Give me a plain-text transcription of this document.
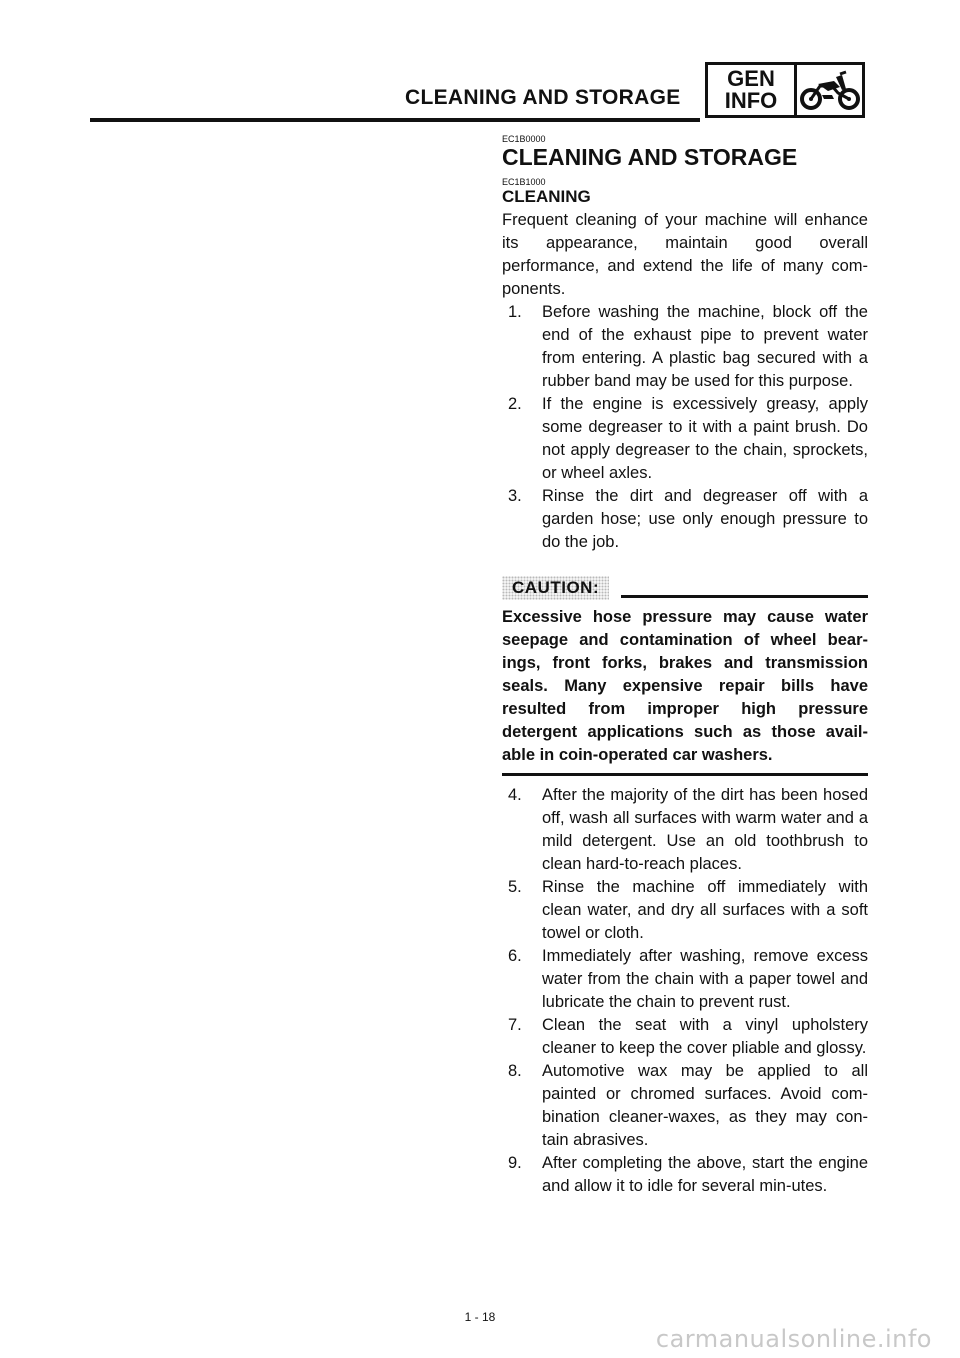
CLEANING AND STORAGE
GEN
INFO
EC1B0000
CLEANING AND STORAGE
EC1B1000
CLEANING

Frequent cleaning of your machine will enhance its appearance, maintain good overall performance, and extend the life of many com-ponents.

1. Before washing the machine, block off the end of the exhaust pipe to prevent water from entering. A plastic bag secured with a rubber band may be used for this purpose.
2. If the engine is excessively greasy, apply some degreaser to it with a paint brush. Do not apply degreaser to the chain, sprockets, or wheel axles.
3. Rinse the dirt and degreaser off with a garden hose; use only enough pressure to do the job.
CAUTION:

Excessive hose pressure may cause water seepage and contamination of wheel bear-ings, front forks, brakes and transmission seals. Many expensive repair bills have resulted from improper high pressure detergent applications such as those avail-able in coin-operated car washers.

4. After the majority of the dirt has been hosed off, wash all surfaces with warm water and a mild detergent. Use an old toothbrush to clean hard-to-reach places.
5. Rinse the machine off immediately with clean water, and dry all surfaces with a soft towel or cloth.
6. Immediately after washing, remove excess water from the chain with a paper towel and lubricate the chain to prevent rust.
7. Clean the seat with a vinyl upholstery cleaner to keep the cover pliable and glossy.
8. Automotive wax may be applied to all painted or chromed surfaces. Avoid com-bination cleaner-waxes, as they may con-tain abrasives.
9. After completing the above, start the engine and allow it to idle for several min-utes.
1 - 18
carmanualsonline.info
